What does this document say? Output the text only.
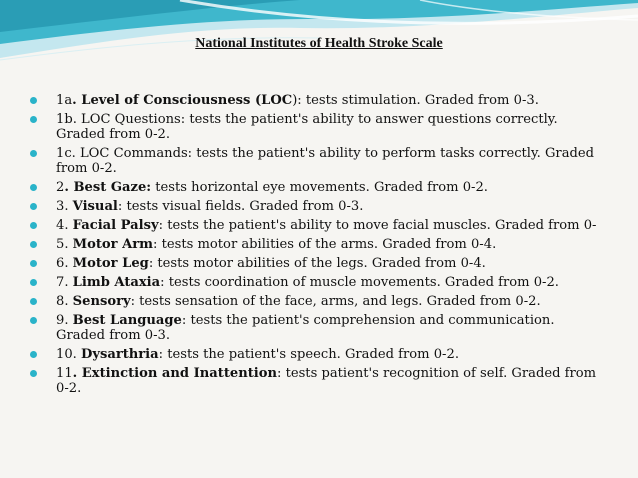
National Institutes of Health Stroke Scale
1a. Level of Consciousness (LOC): tests stimulation. Graded from 0-3.
1b. LOC Questions: tests the patient's ability to answer questions correctly. Graded from 0-2.
1c. LOC Commands: tests the patient's ability to perform tasks correctly. Graded from 0-2.
2. Best Gaze: tests horizontal eye movements. Graded from 0-2.
3. Visual: tests visual fields. Graded from 0-3.
4. Facial Palsy: tests the patient's ability to move facial muscles. Graded from 0-
5. Motor Arm: tests motor abilities of the arms. Graded from 0-4.
6. Motor Leg: tests motor abilities of the legs. Graded from 0-4.
7. Limb Ataxia: tests coordination of muscle movements. Graded from 0-2.
8. Sensory: tests sensation of the face, arms, and legs. Graded from 0-2.
9. Best Language: tests the patient's comprehension and communication. Graded from 0-3.
10. Dysarthria: tests the patient's speech. Graded from 0-2.
11. Extinction and Inattention: tests patient's recognition of self. Graded from 0-2.
